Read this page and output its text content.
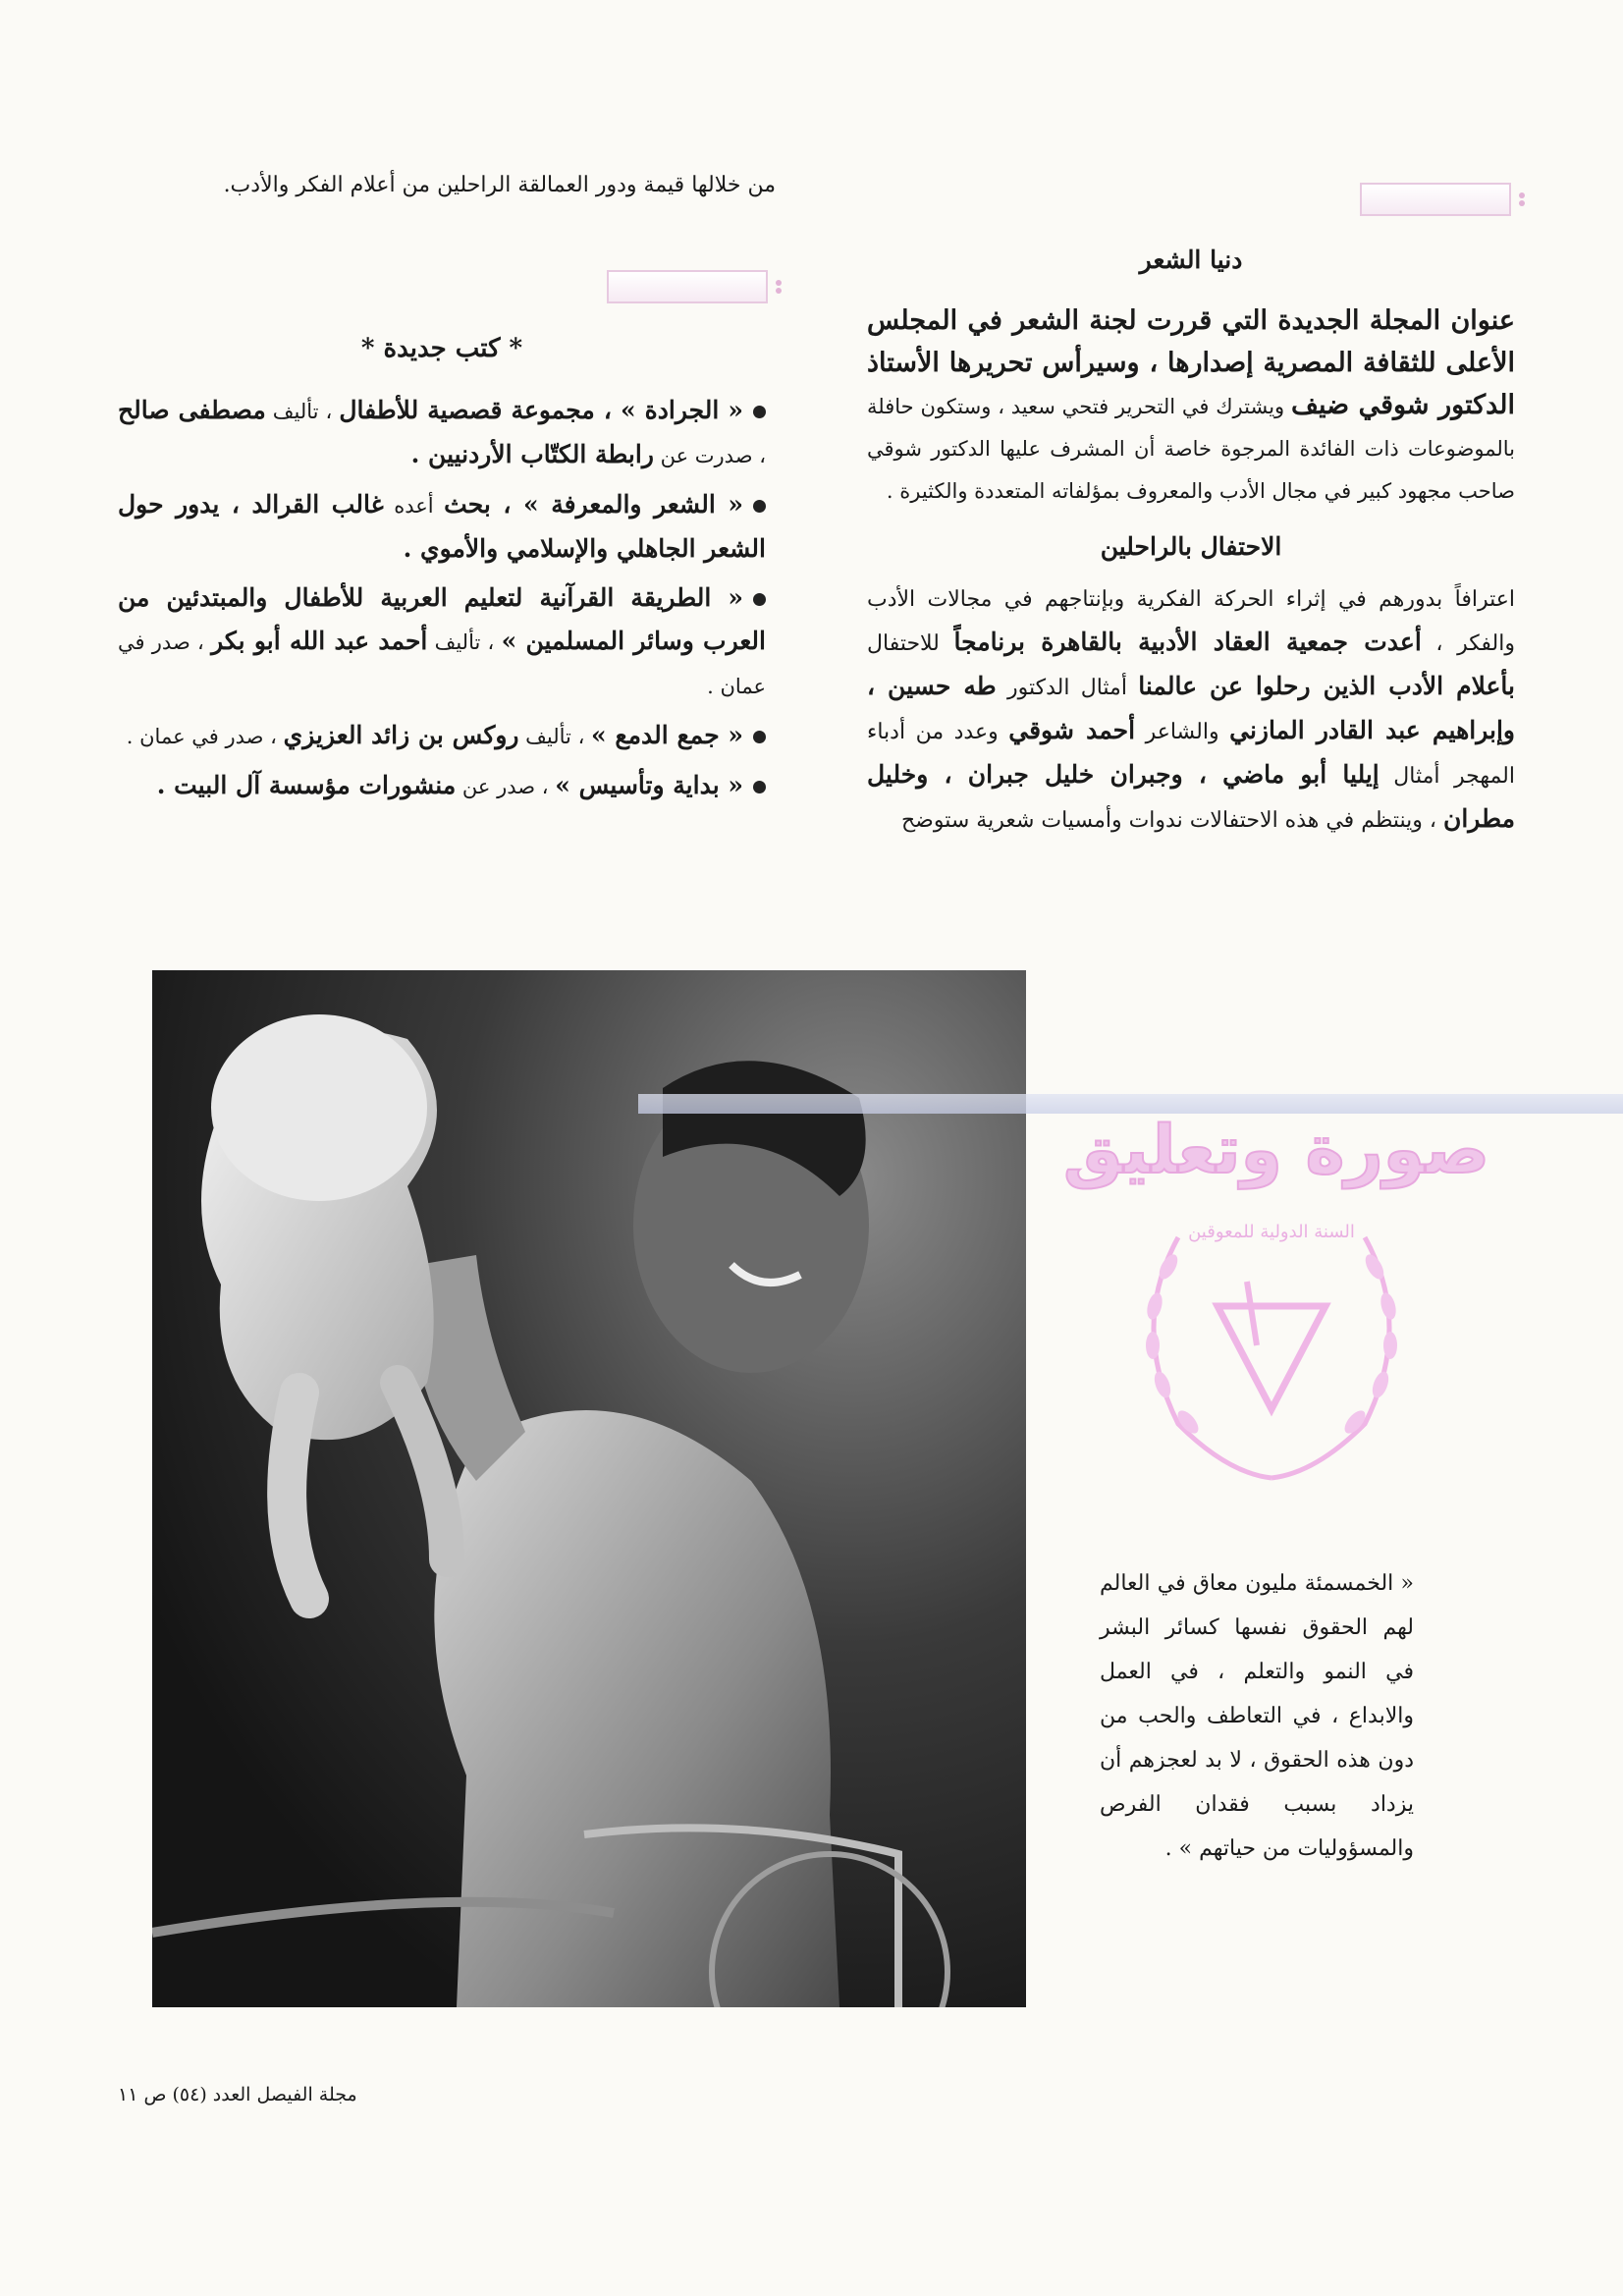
من خلالها قيمة ودور العمالقة الراحلين من أعلام الفكر والأدب.
دنيا الشعر

عنوان المجلة الجديدة التي قررت لجنة الشعر في المجلس الأعلى للثقافة المصرية إصدارها ، وسيرأس تحريرها الأستاذ الدكتور شوقي ضيف ويشترك في التحرير فتحي سعيد ، وستكون حافلة بالموضوعات ذات الفائدة المرجوة خاصة أن المشرف عليها الدكتور شوقي صاحب مجهود كبير في مجال الأدب والمعروف بمؤلفاته المتعددة والكثيرة .

الاحتفال بالراحلين

اعترافاً بدورهم في إثراء الحركة الفكرية وبإنتاجهم في مجالات الأدب والفكر ، أعدت جمعية العقاد الأدبية بالقاهرة برنامجاً للاحتفال بأعلام الأدب الذين رحلوا عن عالمنا أمثال الدكتور طه حسين ، وإبراهيم عبد القادر المازني والشاعر أحمد شوقي وعدد من أدباء المهجر أمثال إيليا أبو ماضي ، وجبران خليل جبران ، وخليل مطران ، وينتظم في هذه الاحتفالات ندوات وأمسيات شعرية ستوضح

* كتب جديدة *
« الجرادة » ، مجموعة قصصية للأطفال ، تأليف مصطفى صالح ، صدرت عن رابطة الكتّاب الأردنيين .
« الشعر والمعرفة » ، بحث أعده غالب القرالد ، يدور حول الشعر الجاهلي والإسلامي والأموي .
« الطريقة القرآنية لتعليم العربية للأطفال والمبتدئين من العرب وسائر المسلمين » ، تأليف أحمد عبد الله أبو بكر ، صدر في عمان .
« جمع الدمع » ، تأليف روكس بن زائد العزيزي ، صدر في عمان .
« بداية وتأسيس » ، صدر عن منشورات مؤسسة آل البيت .
صورة وتعليق
السنة الدولية للمعوقين
« الخمسمئة مليون معاق في العالم لهم الحقوق نفسها كسائر البشر في النمو والتعلم ، في العمل والابداع ، في التعاطف والحب من دون هذه الحقوق ، لا بد لعجزهم أن يزداد بسبب فقدان الفرص والمسؤوليات من حياتهم » .
مجلة الفيصل العدد (٥٤) ص ١١
